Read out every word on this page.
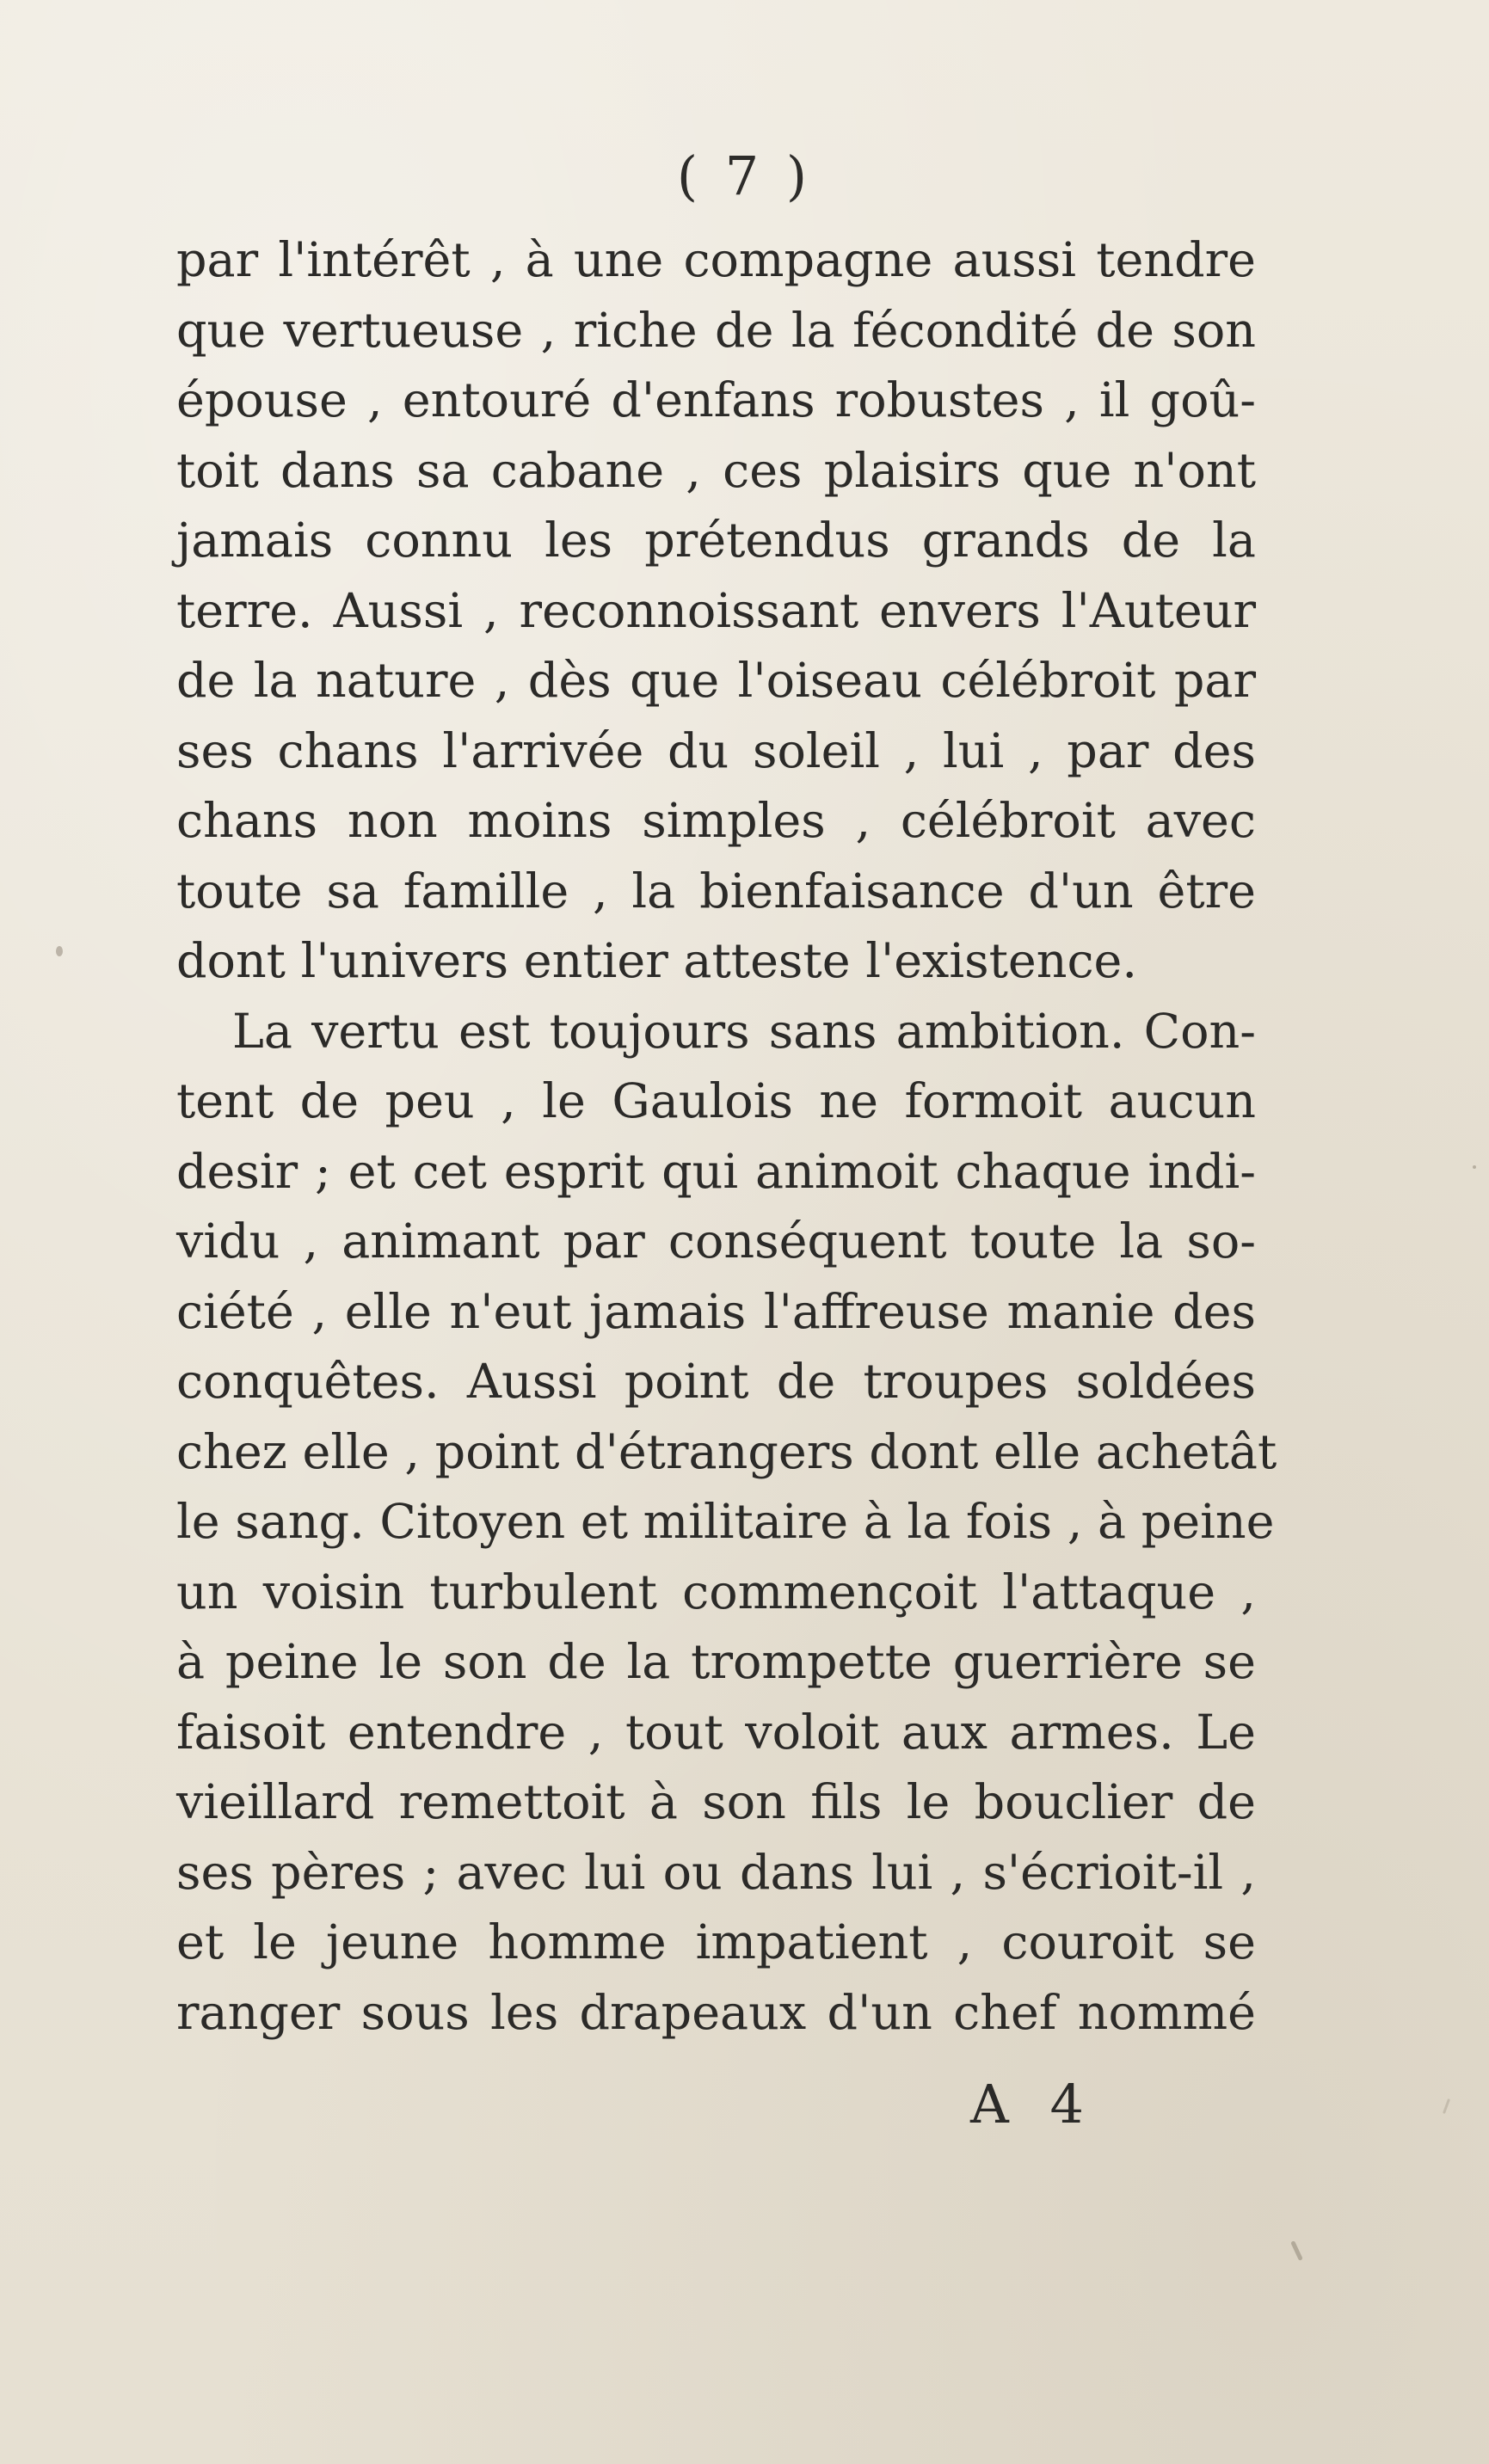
( 7 )
par l'intérêt , à une compagne aussi tendre
que vertueuse , riche de la fécondité de son
épouse , entouré d'enfans robustes , il goû-
toit dans sa cabane , ces plaisirs que n'ont
jamais connu les prétendus grands de la
terre. Aussi , reconnoissant envers l'Auteur
de la nature , dès que l'oiseau célébroit par
ses chans l'arrivée du soleil , lui , par des
chans non moins simples , célébroit avec
toute sa famille , la bienfaisance d'un être
dont l'univers entier atteste l'existence.
La vertu est toujours sans ambition. Con-
tent de peu , le Gaulois ne formoit aucun
desir ; et cet esprit qui animoit chaque indi-
vidu , animant par conséquent toute la so-
ciété , elle n'eut jamais l'affreuse manie des
conquêtes. Aussi point de troupes soldées
chez elle , point d'étrangers dont elle achetât
le sang. Citoyen et militaire à la fois , à peine
un voisin turbulent commençoit l'attaque ,
à peine le son de la trompette guerrière se
faisoit entendre , tout voloit aux armes. Le
vieillard remettoit à son fils le bouclier de
ses pères ; avec lui ou dans lui , s'écrioit-il ,
et le jeune homme impatient , couroit se
ranger sous les drapeaux d'un chef nommé
A 4
